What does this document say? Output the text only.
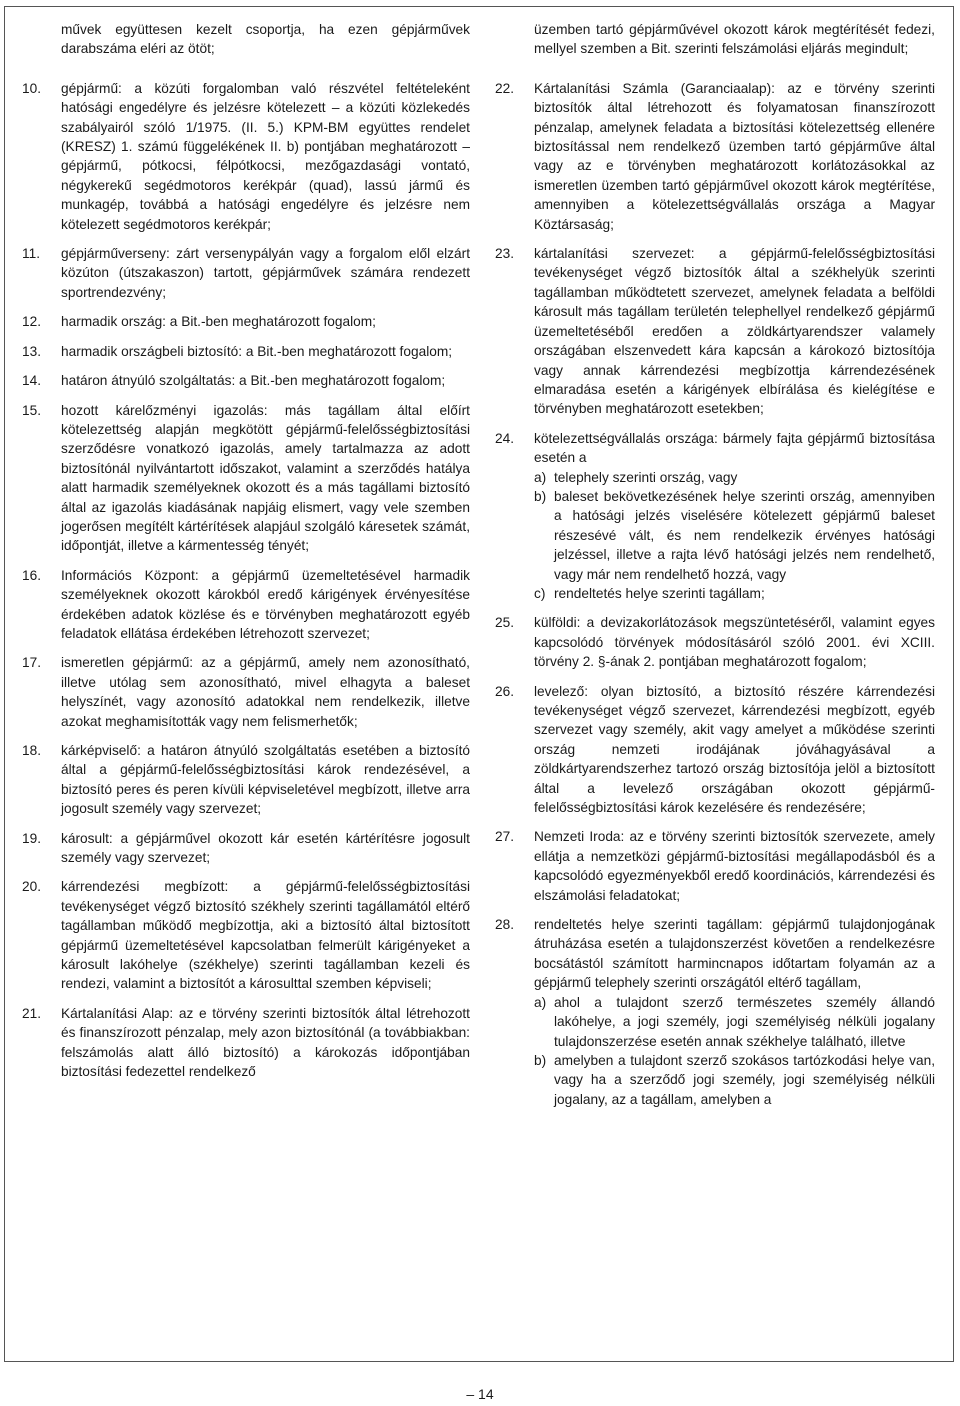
művek együttesen kezelt csoportja, ha ezen gépjárművek darabszáma eléri az ötöt;

10.	gépjármű: a közúti forgalomban való részvétel feltételeként hatósági engedélyre és jelzésre kötelezett – a közúti közlekedés szabályairól szóló 1/1975. (II. 5.) KPM-BM együttes rendelet (KRESZ) 1. számú függelékének II. b) pontjában meghatározott – gépjármű, pótkocsi, félpótkocsi, mezőgazdasági vontató, négykerekű segédmotoros kerékpár (quad), lassú jármű és munkagép, továbbá a hatósági engedélyre és jelzésre nem kötelezett segédmotoros kerékpár;
11.	gépjárműverseny: zárt versenypályán vagy a forgalom elől elzárt közúton (útszakaszon) tartott, gépjárművek számára rendezett sportrendezvény;
12.	harmadik ország: a Bit.-ben meghatározott fogalom;
13.	harmadik országbeli biztosító: a Bit.-ben meghatározott fogalom;
14.	határon átnyúló szolgáltatás: a Bit.-ben meghatározott fogalom;
15.	hozott kárelőzményi igazolás: más tagállam által előírt kötelezettség alapján megkötött gépjármű-felelősségbiztosítási szerződésre vonatkozó igazolás, amely tartalmazza az adott biztosítónál nyilvántartott időszakot, valamint a szerződés hatálya alatt harmadik személyeknek okozott és a más tagállami biztosító által az igazolás kiadásának napjáig elismert, vagy vele szemben jogerősen megítélt kártérítések alapjául szolgáló káresetek számát, időpontját, illetve a kármentesség tényét;
16.	Információs Központ: a gépjármű üzemeltetésével harmadik személyeknek okozott károkból eredő kárigények érvényesítése érdekében adatok közlése és e törvényben meghatározott egyéb feladatok ellátása érdekében létrehozott szervezet;
17.	ismeretlen gépjármű: az a gépjármű, amely nem azonosítható, illetve utólag sem azonosítható, mivel elhagyta a baleset helyszínét, vagy azonosító adatokkal nem rendelkezik, illetve azokat meghamisították vagy nem felismerhetők;
18.	kárképviselő: a határon átnyúló szolgáltatás esetében a biztosító által a gépjármű-felelősségbiztosítási károk rendezésével, a biztosító peres és peren kívüli képviseletével megbízott, illetve arra jogosult személy vagy szervezet;
19.	károsult: a gépjárművel okozott kár esetén kártérítésre jogosult személy vagy szervezet;
20.	kárrendezési megbízott: a gépjármű-felelősségbiztosítási tevékenységet végző biztosító székhely szerinti tagállamától eltérő tagállamban működő megbízottja, aki a biztosító által biztosított gépjármű üzemeltetésével kapcsolatban felmerült kárigényeket a károsult lakóhelye (székhelye) szerinti tagállamban kezeli és rendezi, valamint a biztosítót a károsulttal szemben képviseli;
21.	Kártalanítási Alap: az e törvény szerinti biztosítók által létrehozott és finanszírozott pénzalap, mely azon biztosítónál (a továbbiakban: felszámolás alatt álló biztosító) a károkozás időpontjában biztosítási fedezettel rendelkező

üzemben tartó gépjárművével okozott károk megtérítését fedezi, mellyel szemben a Bit. szerinti felszámolási eljárás megindult;

22.	Kártalanítási Számla (Garanciaalap): az e törvény szerinti biztosítók által létrehozott és folyamatosan finanszírozott pénzalap, amelynek feladata a biztosítási kötelezettség ellenére biztosítással nem rendelkező üzemben tartó gépjárműve által vagy az e törvényben meghatározott korlátozásokkal az ismeretlen üzemben tartó gépjárművel okozott károk megtérítése, amennyiben a kötelezettségvállalás országa a Magyar Köztársaság;
23.	kártalanítási szervezet: a gépjármű-felelősségbiztosítási tevékenységet végző biztosítók által a székhelyük szerinti tagállamban működtetett szervezet, amelynek feladata a belföldi károsult más tagállam területén telephellyel rendelkező gépjármű üzemeltetéséből eredően a zöldkártyarendszer valamely országában elszenvedett kára kapcsán a károkozó biztosítója vagy annak kárrendezési megbízottja kárrendezésének elmaradása esetén a kárigények elbírálása és kielégítése e törvényben meghatározott esetekben;
24.	kötelezettségvállalás országa: bármely fajta gépjármű biztosítása esetén a
a) telephely szerinti ország, vagy
b) baleset bekövetkezésének helye szerinti ország, amennyiben a hatósági jelzés viselésére kötelezett gépjármű baleset részesévé vált, és nem rendelkezik érvényes hatósági jelzéssel, illetve a rajta lévő hatósági jelzés nem rendelhető, vagy már nem rendelhető hozzá, vagy
c) rendeltetés helye szerinti tagállam;
25.	külföldi: a devizakorlátozások megszüntetéséről, valamint egyes kapcsolódó törvények módosításáról szóló 2001. évi XCIII. törvény 2. §-ának 2. pontjában meghatározott fogalom;
26.	levelező: olyan biztosító, a biztosító részére kárrendezési tevékenységet végző szervezet, kárrendezési megbízott, egyéb szervezet vagy személy, akit vagy amelyet a működése szerinti ország nemzeti irodájának jóváhagyásával a zöldkártyarendszerhez tartozó ország biztosítója jelöl a biztosított által a levelező országában okozott gépjármű-felelősségbiztosítási károk kezelésére és rendezésére;
27.	Nemzeti Iroda: az e törvény szerinti biztosítók szervezete, amely ellátja a nemzetközi gépjármű-biztosítási megállapodásból és a kapcsolódó egyezményekből eredő koordinációs, kárrendezési és elszámolási feladatokat;
28.	rendeltetés helye szerinti tagállam: gépjármű tulajdonjogának átruházása esetén a tulajdonszerzést követően a rendelkezésre bocsátástól számított harmincnapos időtartam folyamán az a gépjármű telephely szerinti országától eltérő tagállam,
a) ahol a tulajdont szerző természetes személy állandó lakóhelye, a jogi személy, jogi személyiség nélküli jogalany tulajdonszerzése esetén annak székhelye található, illetve
b) amelyben a tulajdont szerző szokásos tartózkodási helye van, vagy ha a szerződő jogi személy, jogi személyiség nélküli jogalany, az a tagállam, amelyben a
– 14
